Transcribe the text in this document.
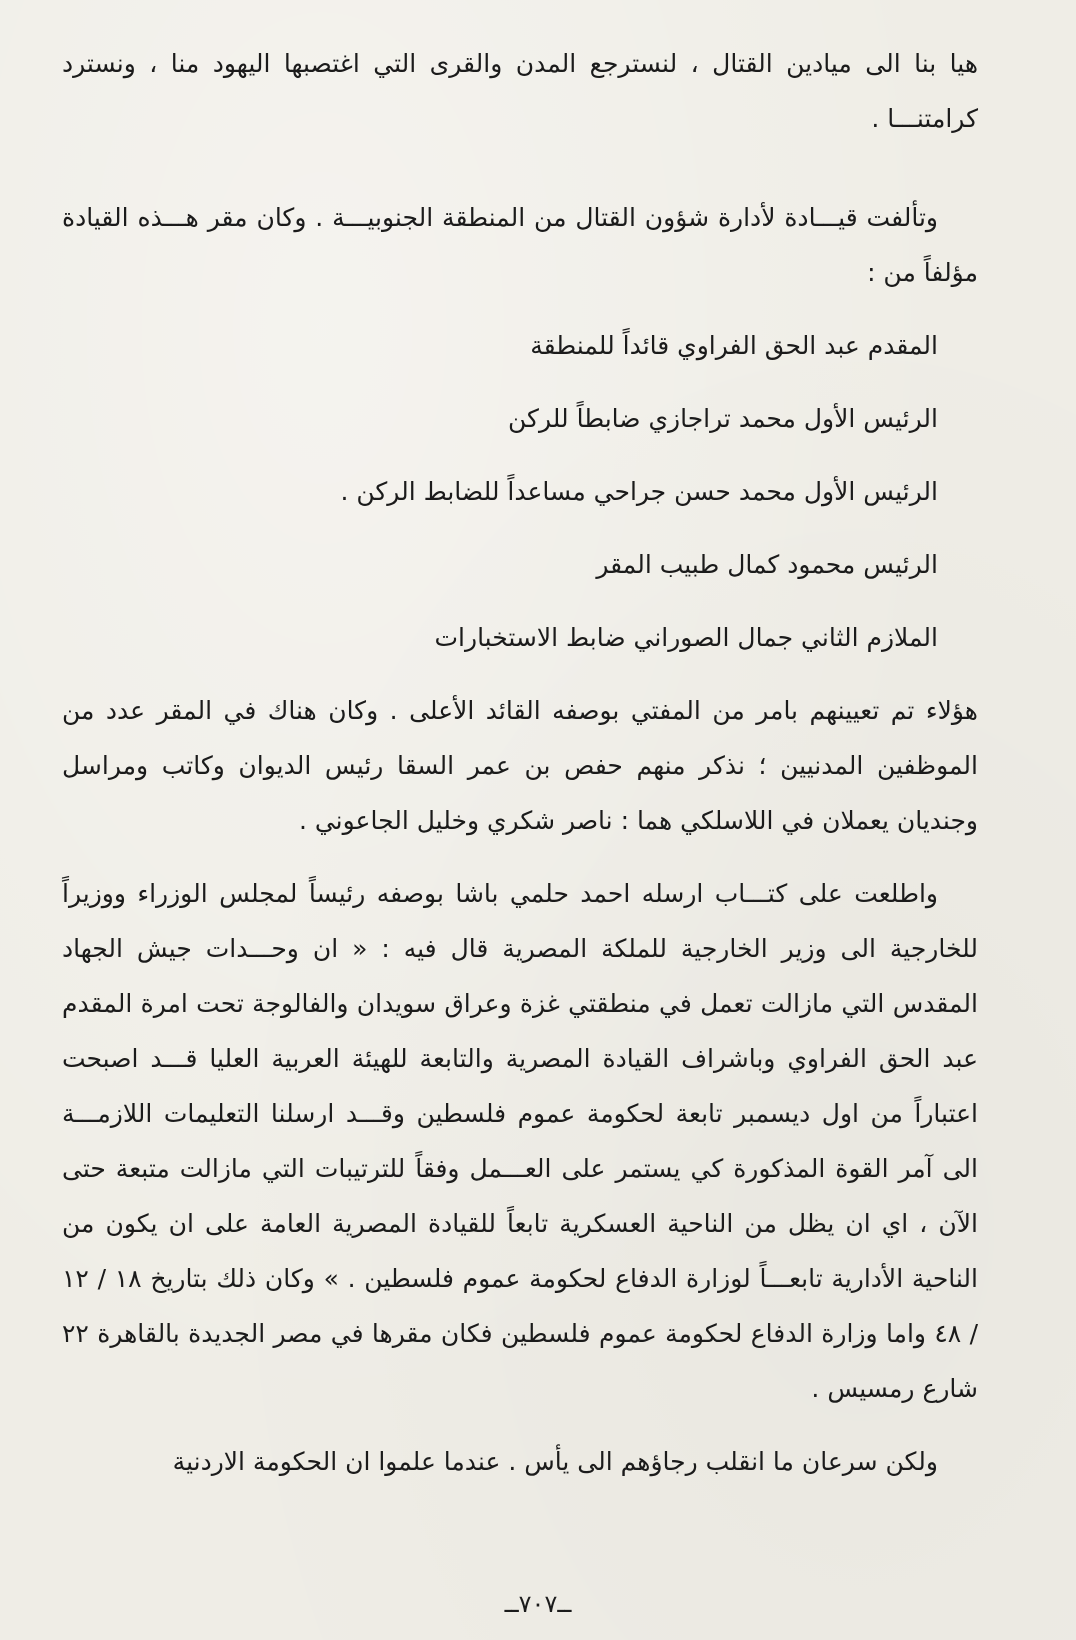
هيا بنا الى ميادين القتال ، لنسترجع المدن والقرى التي اغتصبها اليهود منا ، ونسترد كرامتنـــا .

وتألفت قيـــادة لأدارة شؤون القتال من المنطقة الجنوبيـــة . وكان مقر هـــذه القيادة مؤلفاً من :

المقدم عبد الحق الفراوي قائداً للمنطقة
الرئيس الأول محمد تراجازي ضابطاً للركن
الرئيس الأول محمد حسن جراحي مساعداً للضابط الركن .
الرئيس محمود كمال طبيب المقر
الملازم الثاني جمال الصوراني ضابط الاستخبارات

هؤلاء تم تعيينهم بامر من المفتي بوصفه القائد الأعلى . وكان هناك في المقر عدد من الموظفين المدنيين ؛ نذكر منهم حفص بن عمر السقا رئيس الديوان وكاتب ومراسل وجنديان يعملان في اللاسلكي هما : ناصر شكري وخليل الجاعوني .

واطلعت على كتـــاب ارسله احمد حلمي باشا بوصفه رئيساً لمجلس الوزراء ووزيراً للخارجية الى وزير الخارجية للملكة المصرية قال فيه : « ان وحـــدات جيش الجهاد المقدس التي مازالت تعمل في منطقتي غزة وعراق سويدان والفالوجة تحت امرة المقدم عبد الحق الفراوي وباشراف القيادة المصرية والتابعة للهيئة العربية العليا قـــد اصبحت اعتباراً من اول ديسمبر تابعة لحكومة عموم فلسطين وقـــد ارسلنا التعليمات اللازمـــة الى آمر القوة المذكورة كي يستمر على العـــمل وفقاً للترتيبات التي مازالت متبعة حتى الآن ، اي ان يظل من الناحية العسكرية تابعاً للقيادة المصرية العامة على ان يكون من الناحية الأدارية تابعـــاً لوزارة الدفاع لحكومة عموم فلسطين . » وكان ذلك بتاريخ ١٨ / ١٢ / ٤٨ واما وزارة الدفاع لحكومة عموم فلسطين فكان مقرها في مصر الجديدة بالقاهرة ٢٢ شارع رمسيس .

ولكن سرعان ما انقلب رجاؤهم الى يأس . عندما علموا ان الحكومة الاردنية

ــ٧٠٧ــ
